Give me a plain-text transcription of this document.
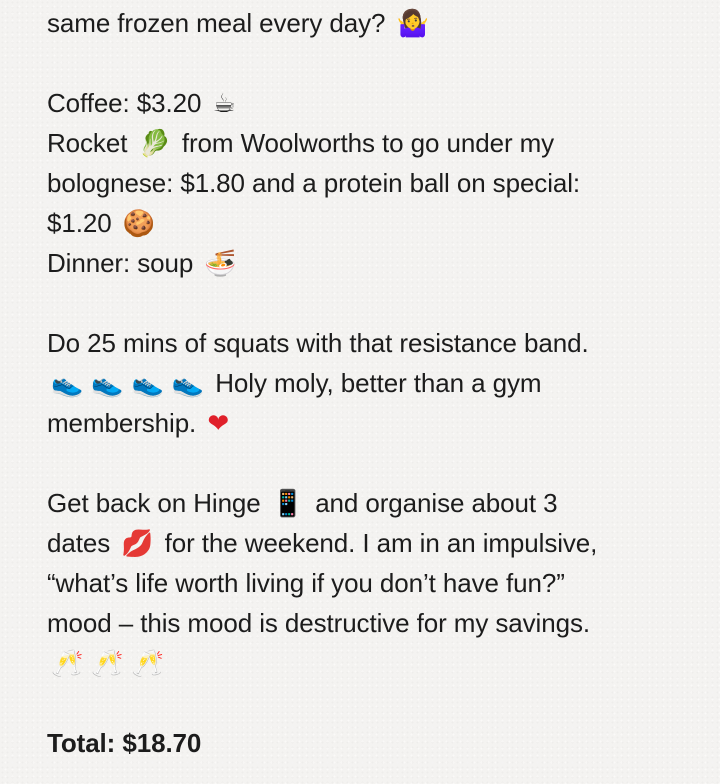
same frozen meal every day? 🤷‍♀️
Coffee: $3.20 ☕
Rocket 🥬 from Woolworths to go under my
bolognese: $1.80 and a protein ball on special:
$1.20 🍪
Dinner: soup 🍜
Do 25 mins of squats with that resistance band.
👟 👟 👟 👟 Holy moly, better than a gym
membership. ❤
Get back on Hinge 📱 and organise about 3
dates 💋 for the weekend. I am in an impulsive,
“what’s life worth living if you don’t have fun?”
mood – this mood is destructive for my savings.
🥂 🥂 🥂
Total: $18.70
